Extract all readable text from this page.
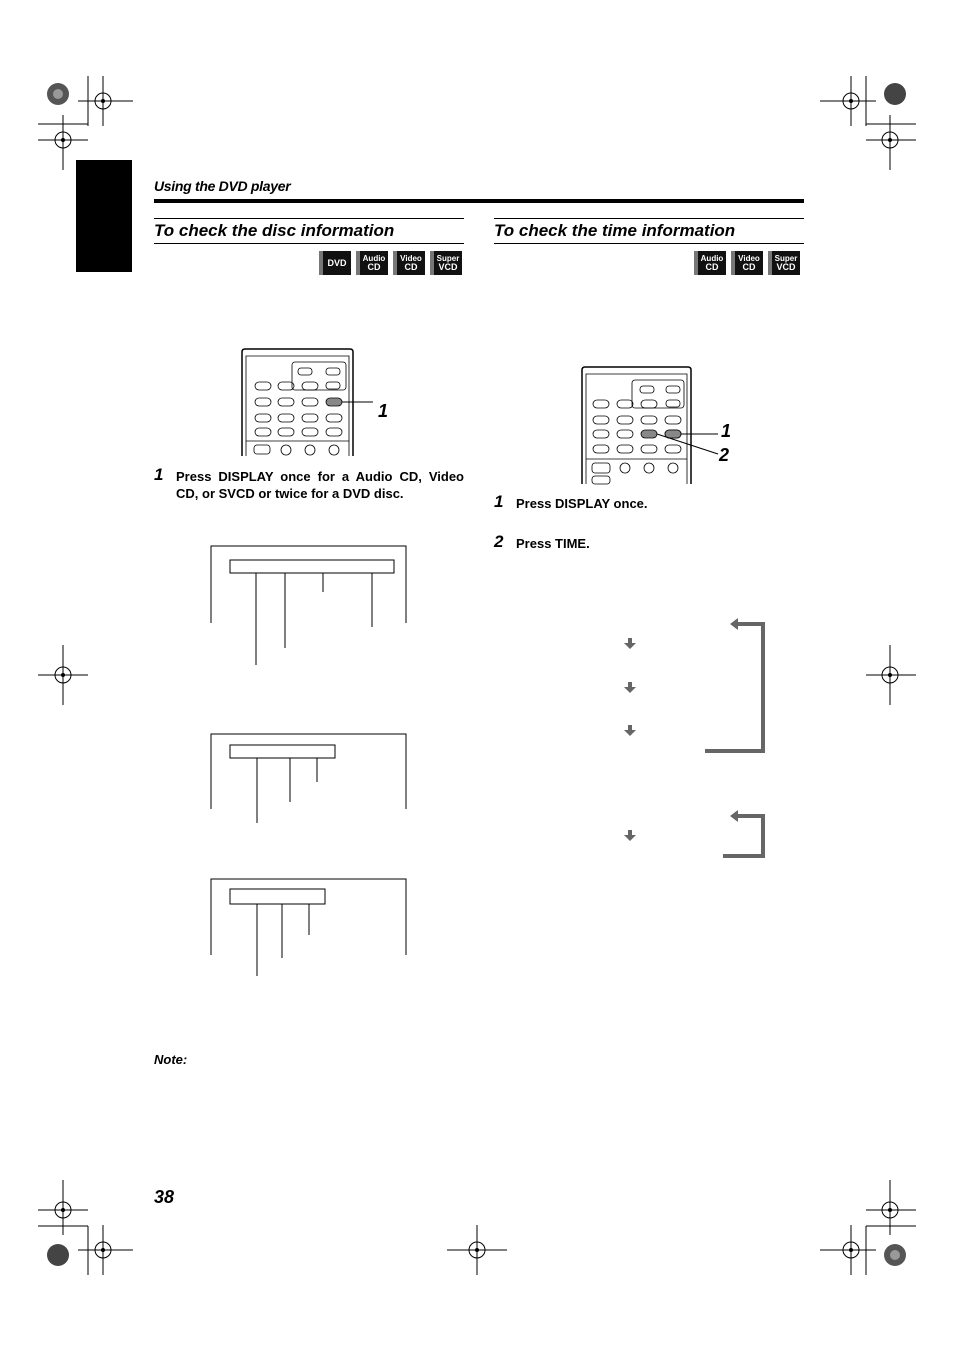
Using the DVD player
To check the disc information
DVD Audio
CD
Video
CD
Super
VCD
1
1 Press DISPLAY once for a Audio CD, Video CD, or SVCD or twice for a DVD disc.
Note:
38
To check the time information
Audio
CD
Video
CD
Super
VCD
1
2
1 Press DISPLAY once.
2 Press TIME.
